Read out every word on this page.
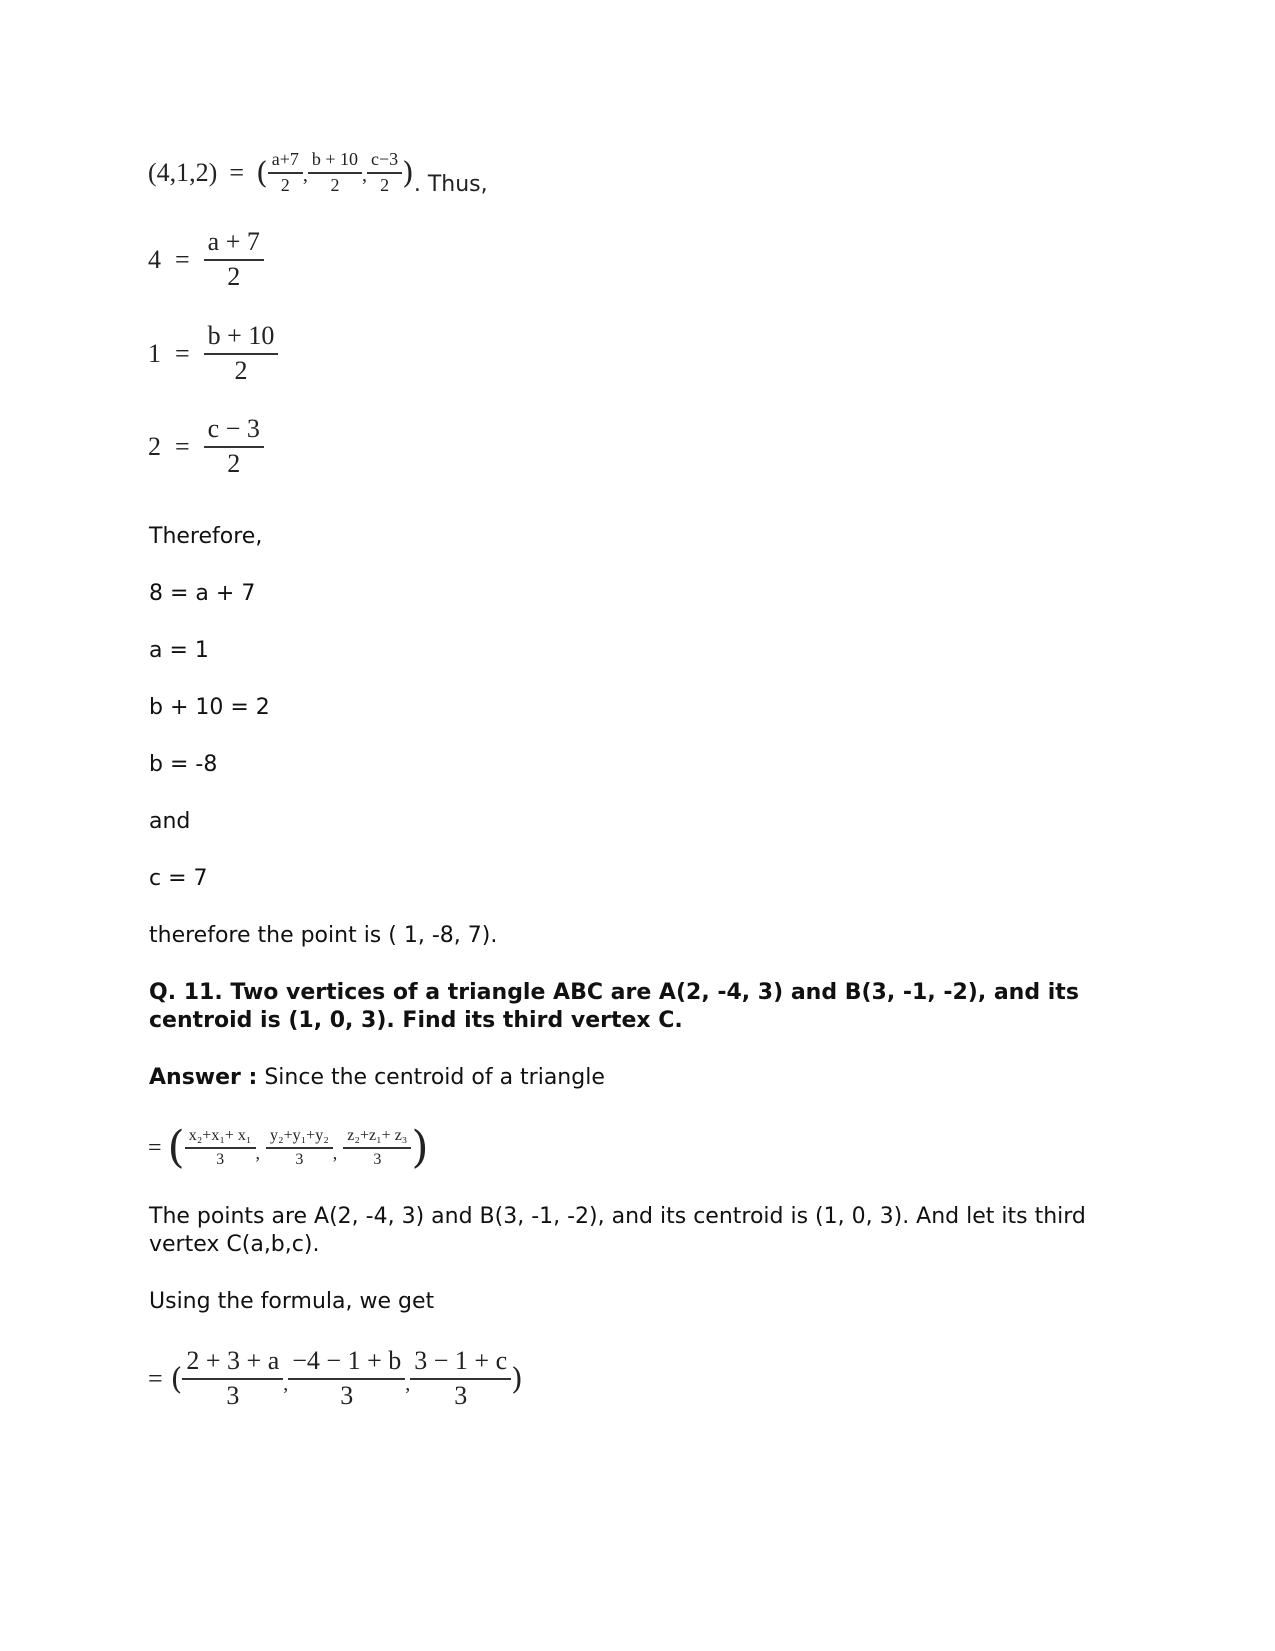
(4,1,2) = ( $\frac{a+7}{2}$ , $\frac{b + 10}{2}$ , $\frac{c-3}{2}$ ) . Thus,
$4 = \frac{a + 7}{2}$
$1 = \frac{b + 10}{2}$
$2 = \frac{c - 3}{2}$
Therefore,
8 = a + 7
a = 1
b + 10 = 2
b = -8
and
c = 7
therefore the point is ( 1, -8, 7).
Q. 11. Two vertices of a triangle ABC are A(2, -4, 3) and B(3, -1, -2), and its
centroid is (1, 0, 3). Find its third vertex C.
Answer : Since the centroid of a triangle
= ( $\frac{\text{x₂+x₁+ x₁}}{3}$ , $\frac{\text{y₂+y₁+y₂}}{3}$ , $\frac{\text{z₂+z₁+ z₃}}{3}$ )
The points are A(2, -4, 3) and B(3, -1, -2), and its centroid is (1, 0, 3). And let its third
vertex C(a,b,c).
Using the formula, we get
= ( $\frac{2 + 3 + a}{3}$ , $\frac{-4 - 1 + b}{3}$ , $\frac{3 - 1 + c}{3}$ )
